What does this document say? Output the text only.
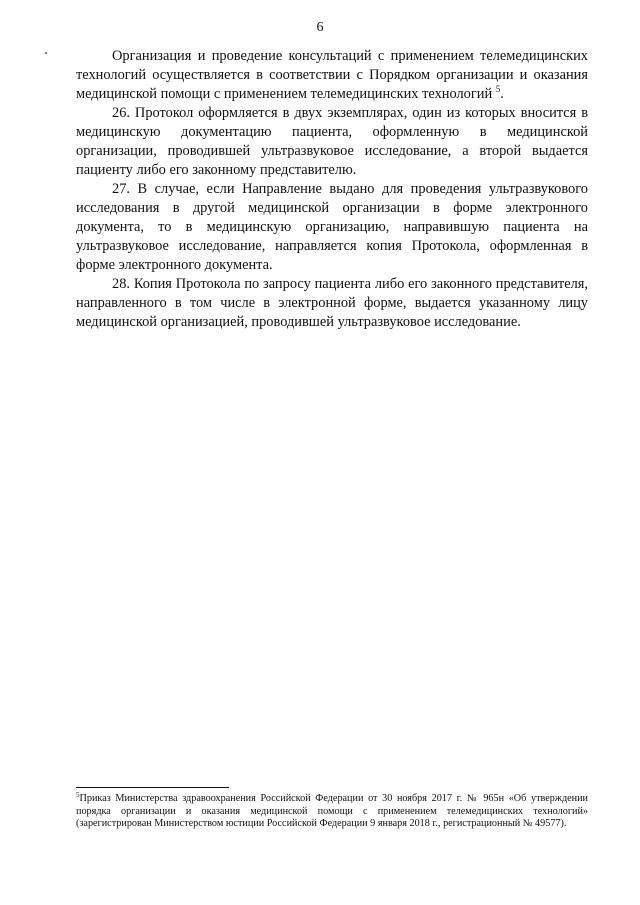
6

Организация и проведение консультаций с применением телемедицинских технологий осуществляется в соответствии с Порядком организации и оказания медицинской помощи с применением телемедицинских технологий $^5$.

26. Протокол оформляется в двух экземплярах, один из которых вносится в медицинскую документацию пациента, оформленную в медицинской организации, проводившей ультразвуковое исследование, а второй выдается пациенту либо его законному представителю.

27. В случае, если Направление выдано для проведения ультразвукового исследования в другой медицинской организации в форме электронного документа, то в медицинскую организацию, направившую пациента на ультразвуковое исследование, направляется копия Протокола, оформленная в форме электронного документа.

28. Копия Протокола по запросу пациента либо его законного представителя, направленного в том числе в электронной форме, выдается указанному лицу медицинской организацией, проводившей ультразвуковое исследование.

$^5$Приказ Министерства здравоохранения Российской Федерации от 30 ноября 2017 г. № 965н «Об утверждении порядка организации и оказания медицинской помощи с применением телемедицинских технологий» (зарегистрирован Министерством юстиции Российской Федерации 9 января 2018 г., регистрационный № 49577).
